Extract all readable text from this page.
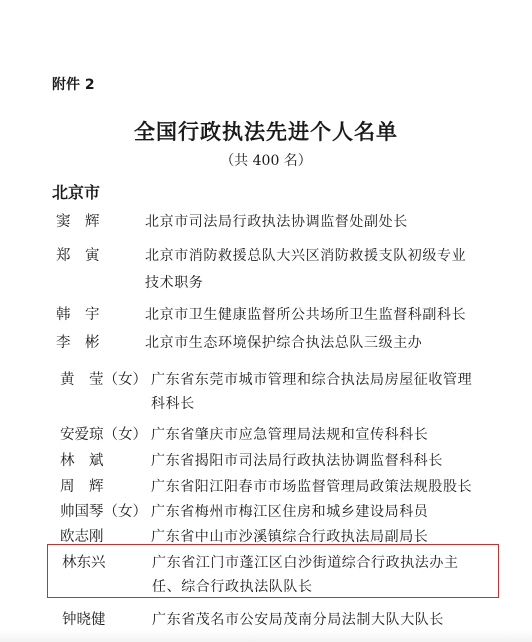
附件 2
全国行政执法先进个人名单
（共 400 名）
北京市
窦　辉	北京市司法局行政执法协调监督处副处长
郑　寅	北京市消防救援总队大兴区消防救援支队初级专业
技术职务
韩　宇	北京市卫生健康监督所公共场所卫生监督科副科长
李　彬	北京市生态环境保护综合执法总队三级主办
黄　莹（女） 广东省东莞市城市管理和综合执法局房屋征收管理
科科长
安爱琼（女） 广东省肇庆市应急管理局法规和宣传科科长
林　斌	广东省揭阳市司法局行政执法协调监督科科长
周　辉	广东省阳江阳春市市场监督管理局政策法规股股长
帅国琴（女） 广东省梅州市梅江区住房和城乡建设局科员
欧志刚	广东省中山市沙溪镇综合行政执法局副局长
林东兴	广东省江门市蓬江区白沙街道综合行政执法办主
任、综合行政执法队队长
钟晓健	广东省茂名市公安局茂南分局法制大队大队长
